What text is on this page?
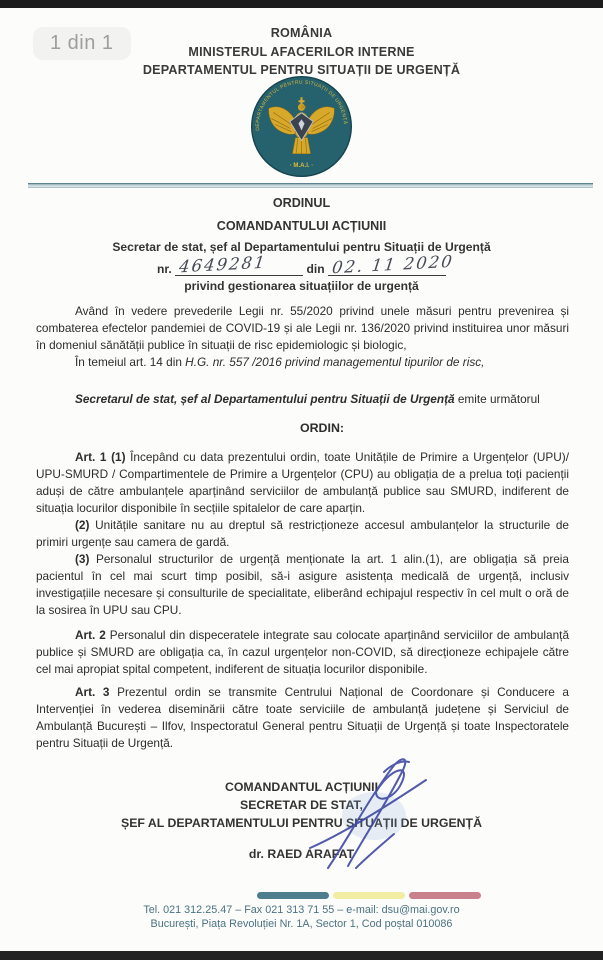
1 din 1	ROMÂNIA
MINISTERUL AFACERILOR INTERNE
DEPARTAMENTUL PENTRU SITUAȚII DE URGENȚĂ
DEPARTAMENTUL PENTRU SITUAȚII DE URGENȚĂ
· M.A.I. ·
ORDINUL
COMANDANTULUI ACȚIUNII
Secretar de stat, șef al Departamentului pentru Situații de Urgență
nr. 4649281	din 02. 11 2020
privind gestionarea situațiilor de urgență

Având în vedere prevederile Legii nr. 55/2020 privind unele măsuri pentru prevenirea și combaterea efectelor pandemiei de COVID-19 și ale Legii nr. 136/2020 privind instituirea unor măsuri în domeniul sănătății publice în situații de risc epidemiologic și biologic,

În temeiul art. 14 din H.G. nr. 557 /2016 privind managementul tipurilor de risc,

Secretarul de stat, șef al Departamentului pentru Situații de Urgență emite următorul

ORDIN:

Art. 1 (1) Începând cu data prezentului ordin, toate Unitățile de Primire a Urgențelor (UPU)/ UPU-SMURD / Compartimentele de Primire a Urgențelor (CPU) au obligația de a prelua toți pacienții aduși de către ambulanțele aparținând serviciilor de ambulanță publice sau SMURD, indiferent de situația locurilor disponibile în secțiile spitalelor de care aparțin.

(2) Unitățile sanitare nu au dreptul să restricționeze accesul ambulanțelor la structurile de primiri urgențe sau camera de gardă.

(3) Personalul structurilor de urgență menționate la art. 1 alin.(1), are obligația să preia pacientul în cel mai scurt timp posibil, să-i asigure asistența medicală de urgență, inclusiv investigațiile necesare și consulturile de specialitate, eliberând echipajul respectiv în cel mult o oră de la sosirea în UPU sau CPU.

Art. 2 Personalul din dispeceratele integrate sau colocate aparținând serviciilor de ambulanță publice și SMURD are obligația ca, în cazul urgențelor non-COVID, să direcționeze echipajele către cel mai apropiat spital competent, indiferent de situația locurilor disponibile.

Art. 3 Prezentul ordin se transmite Centrului Național de Coordonare și Conducere a Intervenției în vederea diseminării către toate serviciile de ambulanță județene și Serviciul de Ambulanță București – Ilfov, Inspectoratul General pentru Situații de Urgență și toate Inspectoratele pentru Situații de Urgență.

COMANDANTUL ACȚIUNII
SECRETAR DE STAT,
ȘEF AL DEPARTAMENTULUI PENTRU SITUAȚII DE URGENȚĂ
dr. RAED ARAFAT
Tel. 021 312.25.47 – Fax 021 313 71 55 – e-mail: dsu@mai.gov.ro
București, Piața Revoluției Nr. 1A, Sector 1, Cod poștal 010086
